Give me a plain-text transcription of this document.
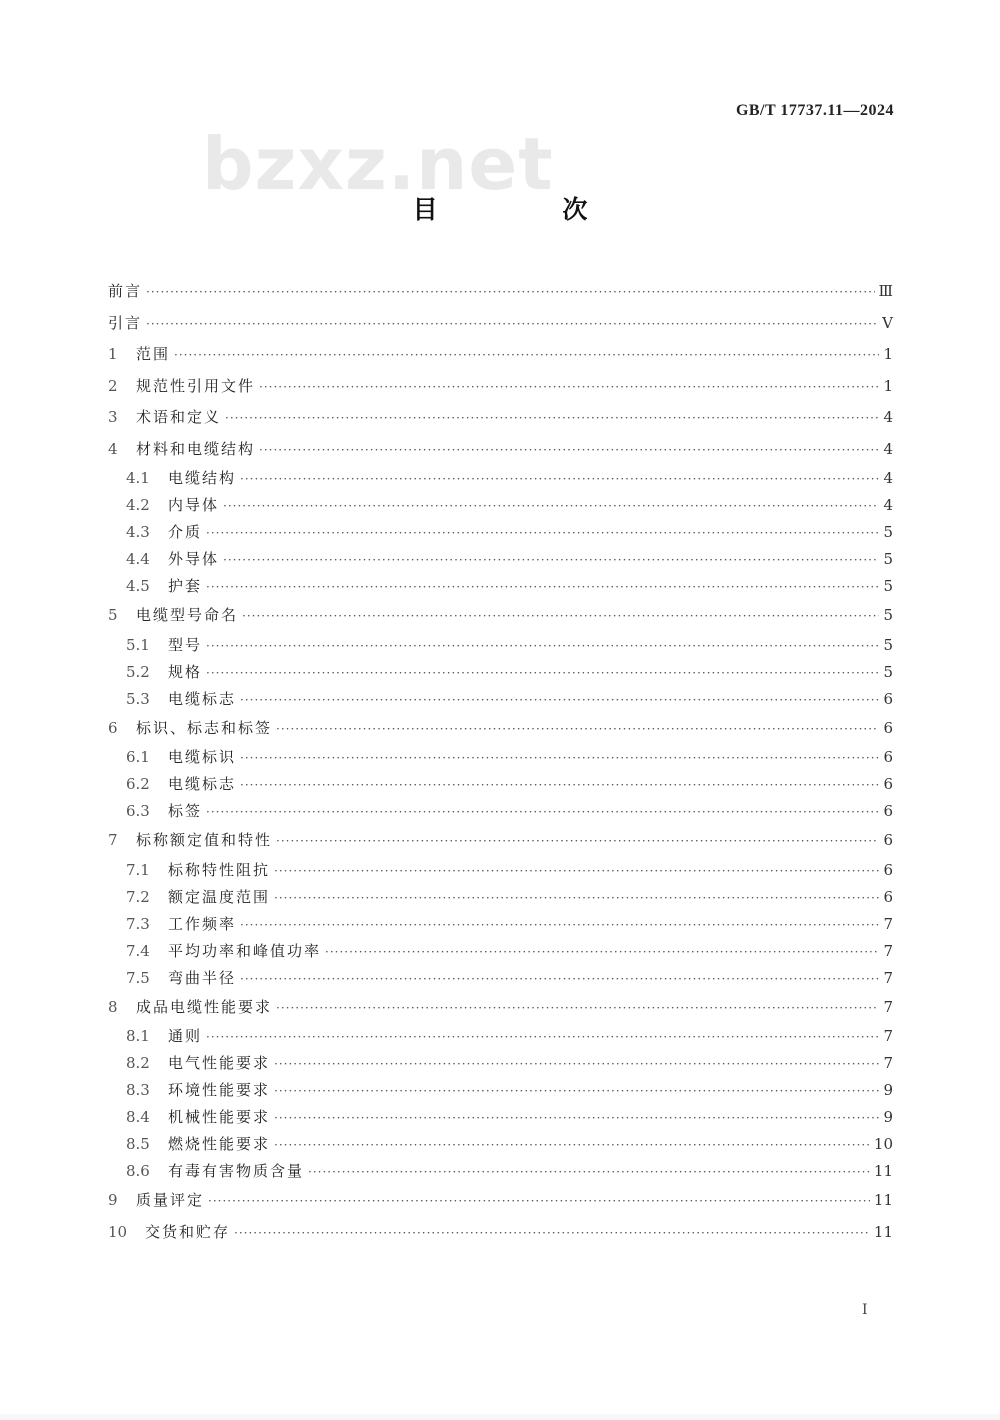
GB/T 17737.11—2024
bzxz.net
目 次
前言 ·····	Ⅲ
引言 ·····	Ⅴ
1	范围 ·····	1
2	规范性引用文件 ·····	1
3	术语和定义 ·····	4
4	材料和电缆结构 ·····	4
4.1	电缆结构 ·····	4
4.2	内导体 ·····	4
4.3	介质 ·····	5
4.4	外导体 ·····	5
4.5	护套 ·····	5
5	电缆型号命名 ·····	5
5.1	型号 ·····	5
5.2	规格 ·····	5
5.3	电缆标志 ·····	6
6	标识、标志和标签 ·····	6
6.1	电缆标识 ·····	6
6.2	电缆标志 ·····	6
6.3	标签 ·····	6
7	标称额定值和特性 ·····	6
7.1	标称特性阻抗 ·····	6
7.2	额定温度范围 ·····	6
7.3	工作频率 ·····	7
7.4	平均功率和峰值功率 ·····	7
7.5	弯曲半径 ·····	7
8	成品电缆性能要求 ·····	7
8.1	通则 ·····	7
8.2	电气性能要求 ·····	7
8.3	环境性能要求 ·····	9
8.4	机械性能要求 ·····	9
8.5	燃烧性能要求 ·····	10
8.6	有毒有害物质含量 ·····	11
9	质量评定 ·····	11
10	交货和贮存 ·····	11
I
